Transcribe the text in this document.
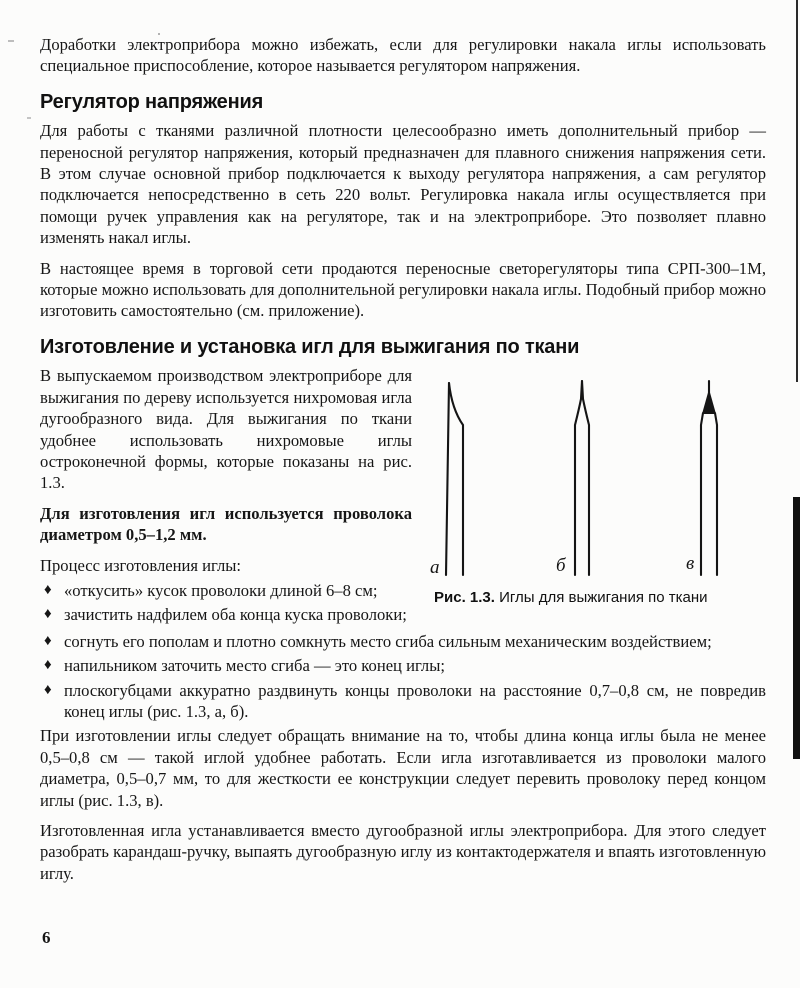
Доработки электроприбора можно избежать, если для регулировки накала иглы использовать специальное приспособление, которое называется регулятором напряжения.

Регулятор напряжения

Для работы с тканями различной плотности целесообразно иметь дополнительный прибор — переносной регулятор напряжения, который предназначен для плавного снижения напряжения сети. В этом случае основной прибор подключается к выходу регулятора напряжения, а сам регулятор подключается непосредственно в сеть 220 вольт. Регулировка накала иглы осуществляется при помощи ручек управления как на регуляторе, так и на электроприборе. Это позволяет плавно изменять накал иглы.

В настоящее время в торговой сети продаются переносные светорегуляторы типа СРП-300–1М, которые можно использовать для дополнительной регулировки накала иглы. Подобный прибор можно изготовить самостоятельно (см. приложение).

Изготовление и установка игл для выжигания по ткани

В выпускаемом производством электроприборе для выжигания по дереву используется нихромовая игла дугообразного вида. Для выжигания по ткани удобнее использовать нихромовые иглы остроконечной формы, которые показаны на рис. 1.3.

Для изготовления игл используется проволока диаметром 0,5–1,2 мм.

Процесс изготовления иглы:

♦ «откусить» кусок проволоки длиной 6–8 см;
♦ зачистить надфилем оба конца куска проволоки;
а	б	в
Рис. 1.3. Иглы для выжигания по ткани
♦ согнуть его пополам и плотно сомкнуть место сгиба сильным механическим воздействием;
♦ напильником заточить место сгиба — это конец иглы;
♦ плоскогубцами аккуратно раздвинуть концы проволоки на расстояние 0,7–0,8 см, не повредив конец иглы (рис. 1.3, а, б).

При изготовлении иглы следует обращать внимание на то, чтобы длина конца иглы была не менее 0,5–0,8 см — такой иглой удобнее работать. Если игла изготавливается из проволоки малого диаметра, 0,5–0,7 мм, то для жесткости ее конструкции следует перевить проволоку перед концом иглы (рис. 1.3, в).

Изготовленная игла устанавливается вместо дугообразной иглы электроприбора. Для этого следует разобрать карандаш-ручку, выпаять дугообразную иглу из контактодержателя и впаять изготовленную иглу.

6
